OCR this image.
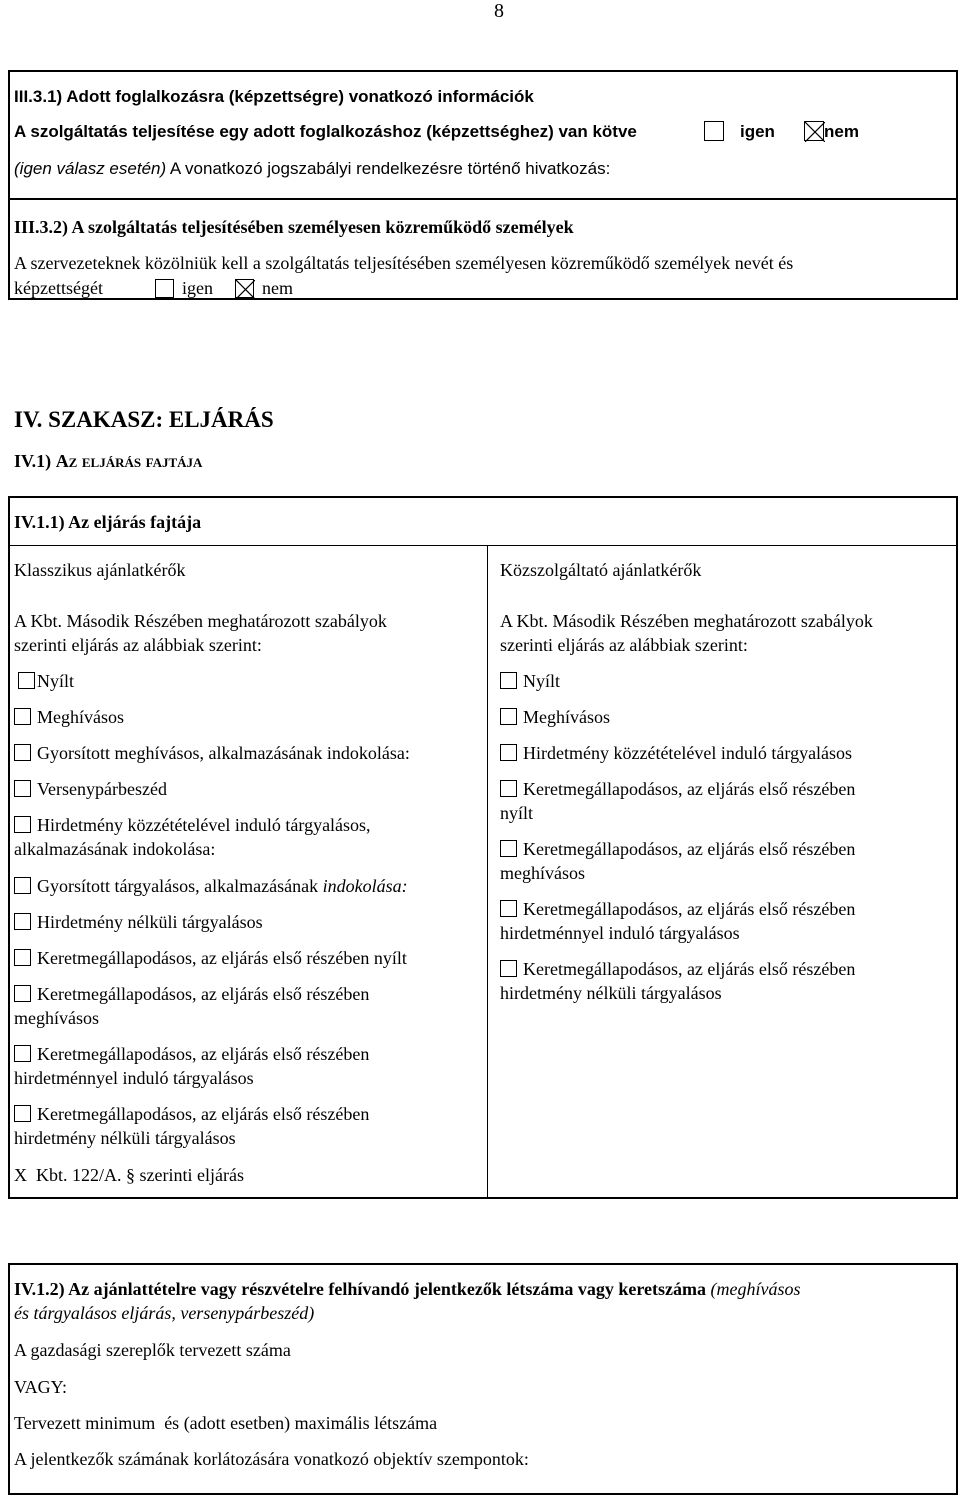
8
III.3.1) Adott foglalkozásra (képzettségre) vonatkozó információk
A szolgáltatás teljesítése egy adott foglalkozáshoz (képzettséghez) van kötve	igen	nem
(igen válasz esetén) A vonatkozó jogszabályi rendelkezésre történő hivatkozás:
III.3.2) A szolgáltatás teljesítésében személyesen közreműködő személyek
A szervezeteknek közölniük kell a szolgáltatás teljesítésében személyesen közreműködő személyek nevét és
képzettségét	igen	nem
IV. SZAKASZ: ELJÁRÁS
IV.1) Az eljárás fajtája
IV.1.1) Az eljárás fajtája
Klasszikus ajánlatkérők
A Kbt. Második Részében meghatározott szabályok
szerinti eljárás az alábbiak szerint:
Nyílt
Meghívásos
Gyorsított meghívásos, alkalmazásának indokolása:
Versenypárbeszéd
Hirdetmény közzétételével induló tárgyalásos,
alkalmazásának indokolása:
Gyorsított tárgyalásos, alkalmazásának indokolása:
Hirdetmény nélküli tárgyalásos
Keretmegállapodásos, az eljárás első részében nyílt
Keretmegállapodásos, az eljárás első részében
meghívásos
Keretmegállapodásos, az eljárás első részében
hirdetménnyel induló tárgyalásos
Keretmegállapodásos, az eljárás első részében
hirdetmény nélküli tárgyalásos
X  Kbt. 122/A. § szerinti eljárás
Közszolgáltató ajánlatkérők
A Kbt. Második Részében meghatározott szabályok
szerinti eljárás az alábbiak szerint:
Nyílt
Meghívásos
Hirdetmény közzétételével induló tárgyalásos
Keretmegállapodásos, az eljárás első részében
nyílt
Keretmegállapodásos, az eljárás első részében
meghívásos
Keretmegállapodásos, az eljárás első részében
hirdetménnyel induló tárgyalásos
Keretmegállapodásos, az eljárás első részében
hirdetmény nélküli tárgyalásos
IV.1.2) Az ajánlattételre vagy részvételre felhívandó jelentkezők létszáma vagy keretszáma (meghívásos
és tárgyalásos eljárás, versenypárbeszéd)
A gazdasági szereplők tervezett száma
VAGY:
Tervezett minimum  és (adott esetben) maximális létszáma
A jelentkezők számának korlátozására vonatkozó objektív szempontok:
